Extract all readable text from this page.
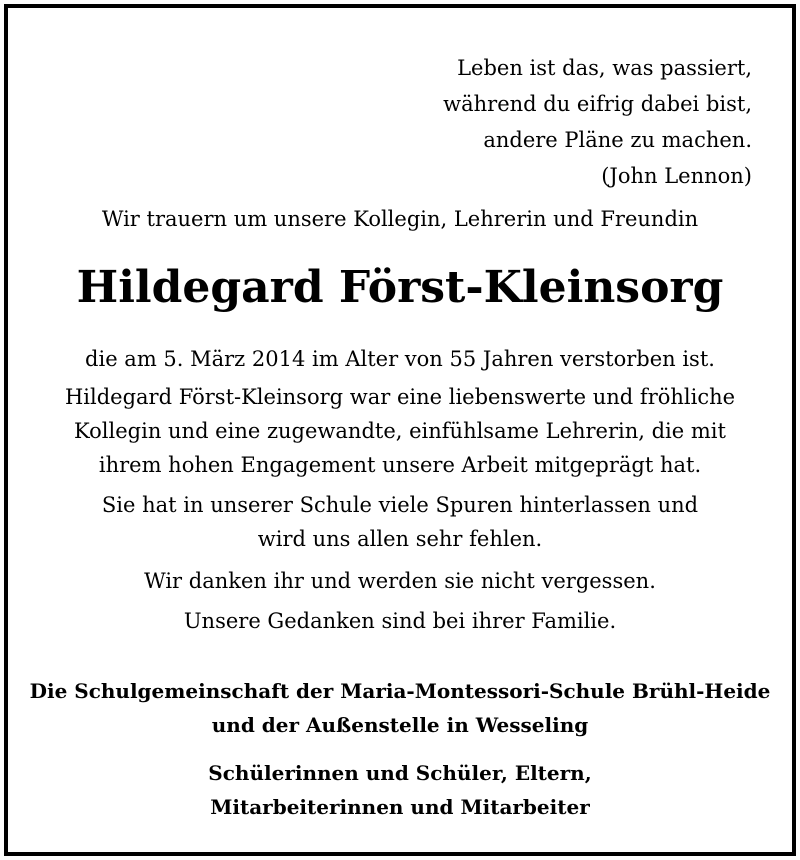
Leben ist das, was passiert,
während du eifrig dabei bist,
andere Pläne zu machen.
(John Lennon)
Wir trauern um unsere Kollegin, Lehrerin und Freundin
Hildegard Först-Kleinsorg
die am 5. März 2014 im Alter von 55 Jahren verstorben ist.
Hildegard Först-Kleinsorg war eine liebenswerte und fröhliche
Kollegin und eine zugewandte, einfühlsame Lehrerin, die mit
ihrem hohen Engagement unsere Arbeit mitgeprägt hat.
Sie hat in unserer Schule viele Spuren hinterlassen und
wird uns allen sehr fehlen.
Wir danken ihr und werden sie nicht vergessen.
Unsere Gedanken sind bei ihrer Familie.
Die Schulgemeinschaft der Maria-Montessori-Schule Brühl-Heide
und der Außenstelle in Wesseling
Schülerinnen und Schüler, Eltern,
Mitarbeiterinnen und Mitarbeiter
